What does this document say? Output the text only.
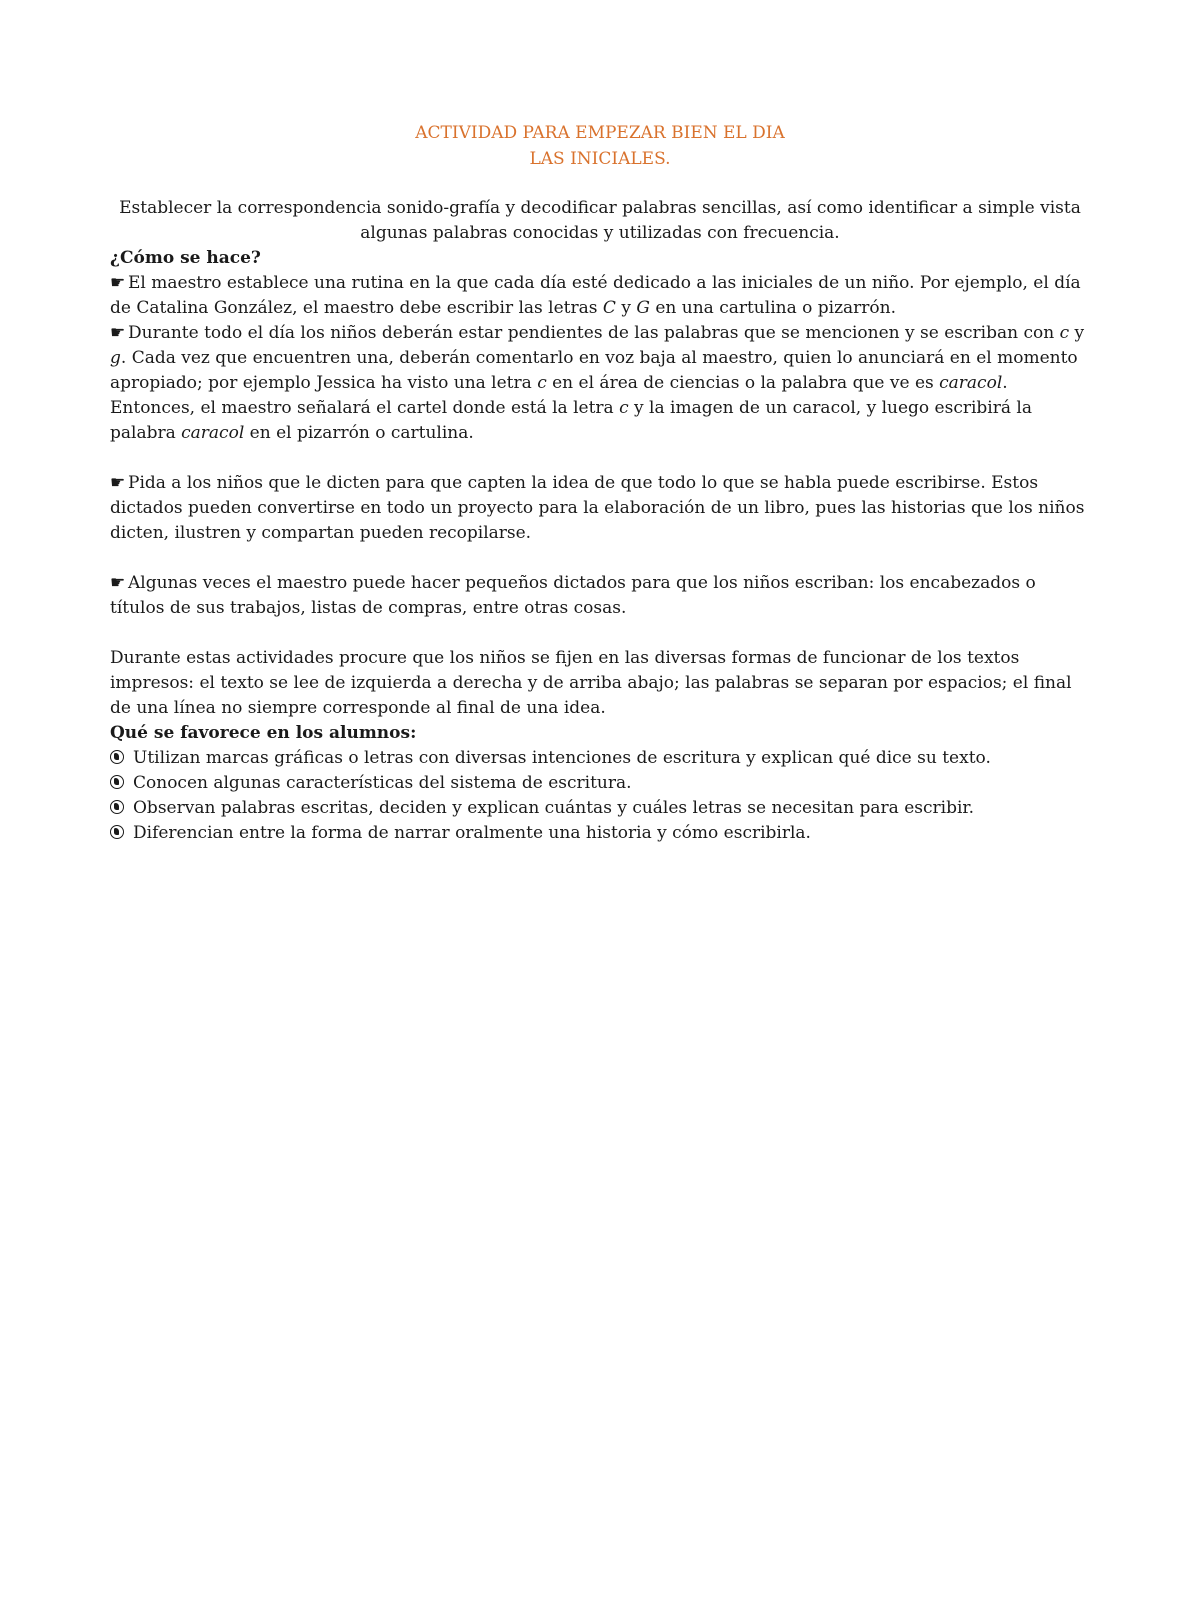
ACTIVIDAD PARA EMPEZAR BIEN EL DIA
LAS INICIALES.

Establecer la correspondencia sonido-grafía y decodificar palabras sencillas, así como identificar a simple vista algunas palabras conocidas y utilizadas con frecuencia.

¿Cómo se hace?

☛ El maestro establece una rutina en la que cada día esté dedicado a las iniciales de un niño. Por ejemplo, el día de Catalina González, el maestro debe escribir las letras C y G en una cartulina o pizarrón.

☛ Durante todo el día los niños deberán estar pendientes de las palabras que se mencionen y se escriban con c y g. Cada vez que encuentren una, deberán comentarlo en voz baja al maestro, quien lo anunciará en el momento apropiado; por ejemplo Jessica ha visto una letra c en el área de ciencias o la palabra que ve es caracol. Entonces, el maestro señalará el cartel donde está la letra c y la imagen de un caracol, y luego escribirá la palabra caracol en el pizarrón o cartulina.

☛ Pida a los niños que le dicten para que capten la idea de que todo lo que se habla puede escribirse. Estos dictados pueden convertirse en todo un proyecto para la elaboración de un libro, pues las historias que los niños dicten, ilustren y compartan pueden recopilarse.

☛ Algunas veces el maestro puede hacer pequeños dictados para que los niños escriban: los encabezados o títulos de sus trabajos, listas de compras, entre otras cosas.

Durante estas actividades procure que los niños se fijen en las diversas formas de funcionar de los textos impresos: el texto se lee de izquierda a derecha y de arriba abajo; las palabras se separan por espacios; el final de una línea no siempre corresponde al final de una idea.

Qué se favorece en los alumnos:

Utilizan marcas gráficas o letras con diversas intenciones de escritura y explican qué dice su texto.

Conocen algunas características del sistema de escritura.

Observan palabras escritas, deciden y explican cuántas y cuáles letras se necesitan para escribir.

Diferencian entre la forma de narrar oralmente una historia y cómo escribirla.
